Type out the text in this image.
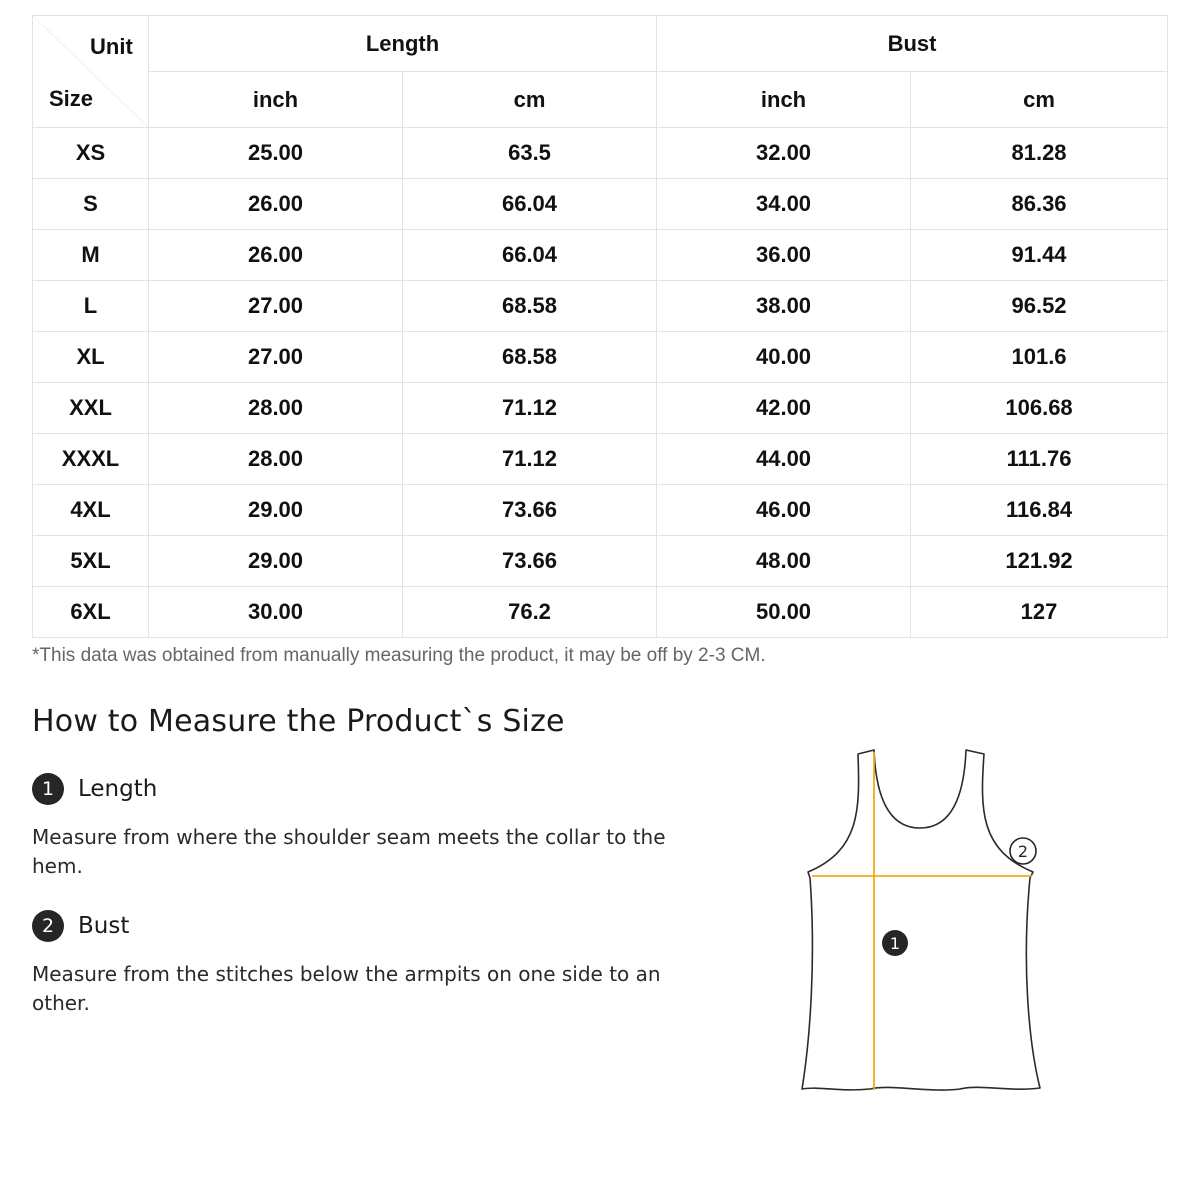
Unit
Size	Length		Bust	
	inch	cm	inch	cm
XS	25.00	63.5	32.00	81.28
S	26.00	66.04	34.00	86.36
M	26.00	66.04	36.00	91.44
L	27.00	68.58	38.00	96.52
XL	27.00	68.58	40.00	101.6
XXL	28.00	71.12	42.00	106.68
XXXL	28.00	71.12	44.00	111.76
4XL	29.00	73.66	46.00	116.84
5XL	29.00	73.66	48.00	121.92
6XL	30.00	76.2	50.00	127
*This data was obtained from manually measuring the product, it may be off by 2-3 CM.
How to Measure the Product`s Size
1	Length
Measure from where the shoulder seam meets the collar to the hem.
2	Bust
Measure from the stitches below the armpits on one side to an other.
1
2
